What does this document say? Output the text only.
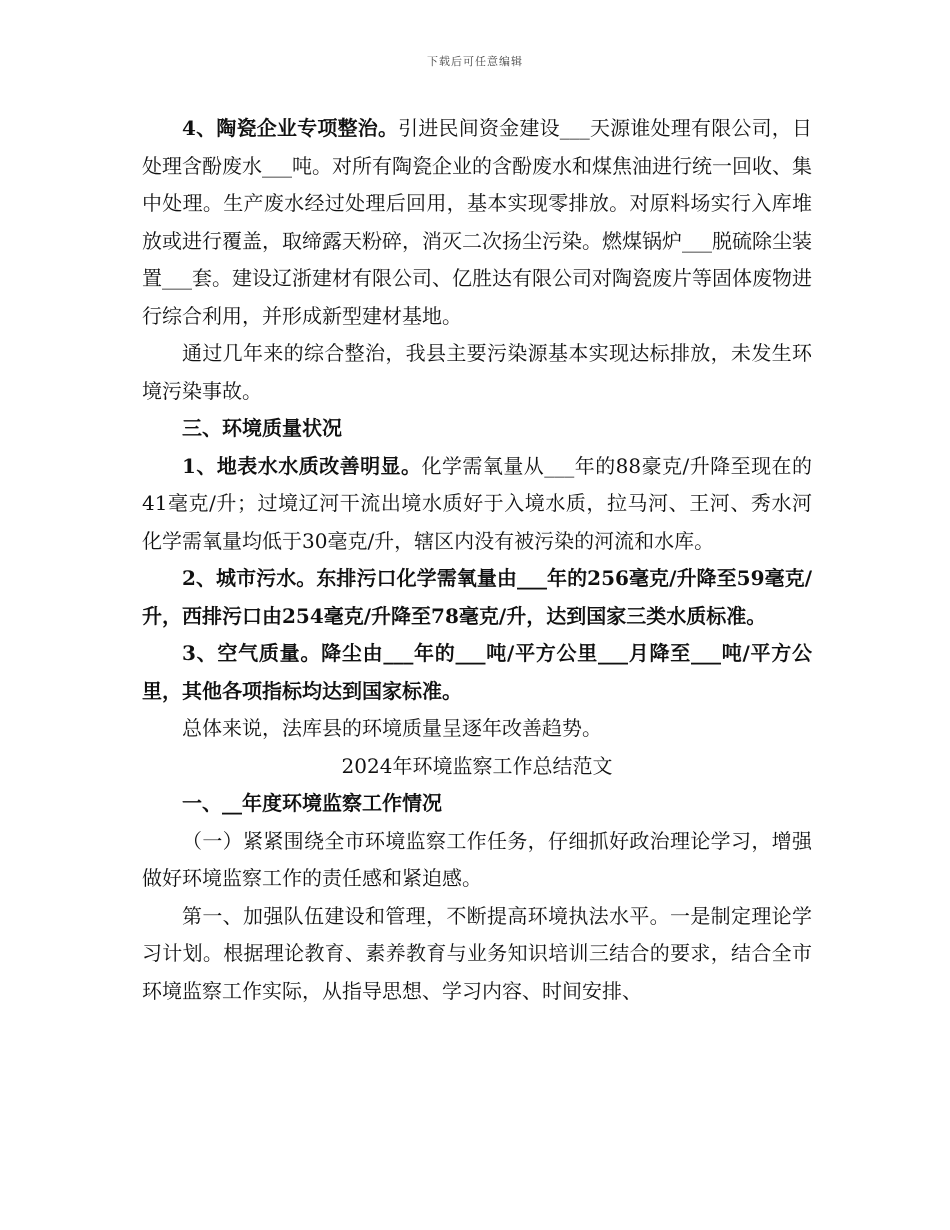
下载后可任意编辑

4、陶瓷企业专项整治。引进民间资金建设___天源谁处理有限公司，日处理含酚废水___吨。对所有陶瓷企业的含酚废水和煤焦油进行统一回收、集中处理。生产废水经过处理后回用，基本实现零排放。对原料场实行入库堆放或进行覆盖，取缔露天粉碎，消灭二次扬尘污染。燃煤锅炉___脱硫除尘装置___套。建设辽浙建材有限公司、亿胜达有限公司对陶瓷废片等固体废物进行综合利用，并形成新型建材基地。

通过几年来的综合整治，我县主要污染源基本实现达标排放，未发生环境污染事故。

三、环境质量状况

1、地表水水质改善明显。化学需氧量从___年的88豪克/升降至现在的41毫克/升；过境辽河干流出境水质好于入境水质，拉马河、王河、秀水河化学需氧量均低于30毫克/升，辖区内没有被污染的河流和水库。

2、城市污水。东排污口化学需氧量由___年的256毫克/升降至59毫克/升，西排污口由254毫克/升降至78毫克/升，达到国家三类水质标准。

3、空气质量。降尘由___年的___吨/平方公里___月降至___吨/平方公里，其他各项指标均达到国家标准。

总体来说，法库县的环境质量呈逐年改善趋势。

2024年环境监察工作总结范文

一、__年度环境监察工作情况

（一）紧紧围绕全市环境监察工作任务，仔细抓好政治理论学习，增强做好环境监察工作的责任感和紧迫感。

第一、加强队伍建设和管理，不断提高环境执法水平。一是制定理论学习计划。根据理论教育、素养教育与业务知识培训三结合的要求，结合全市环境监察工作实际，从指导思想、学习内容、时间安排、
